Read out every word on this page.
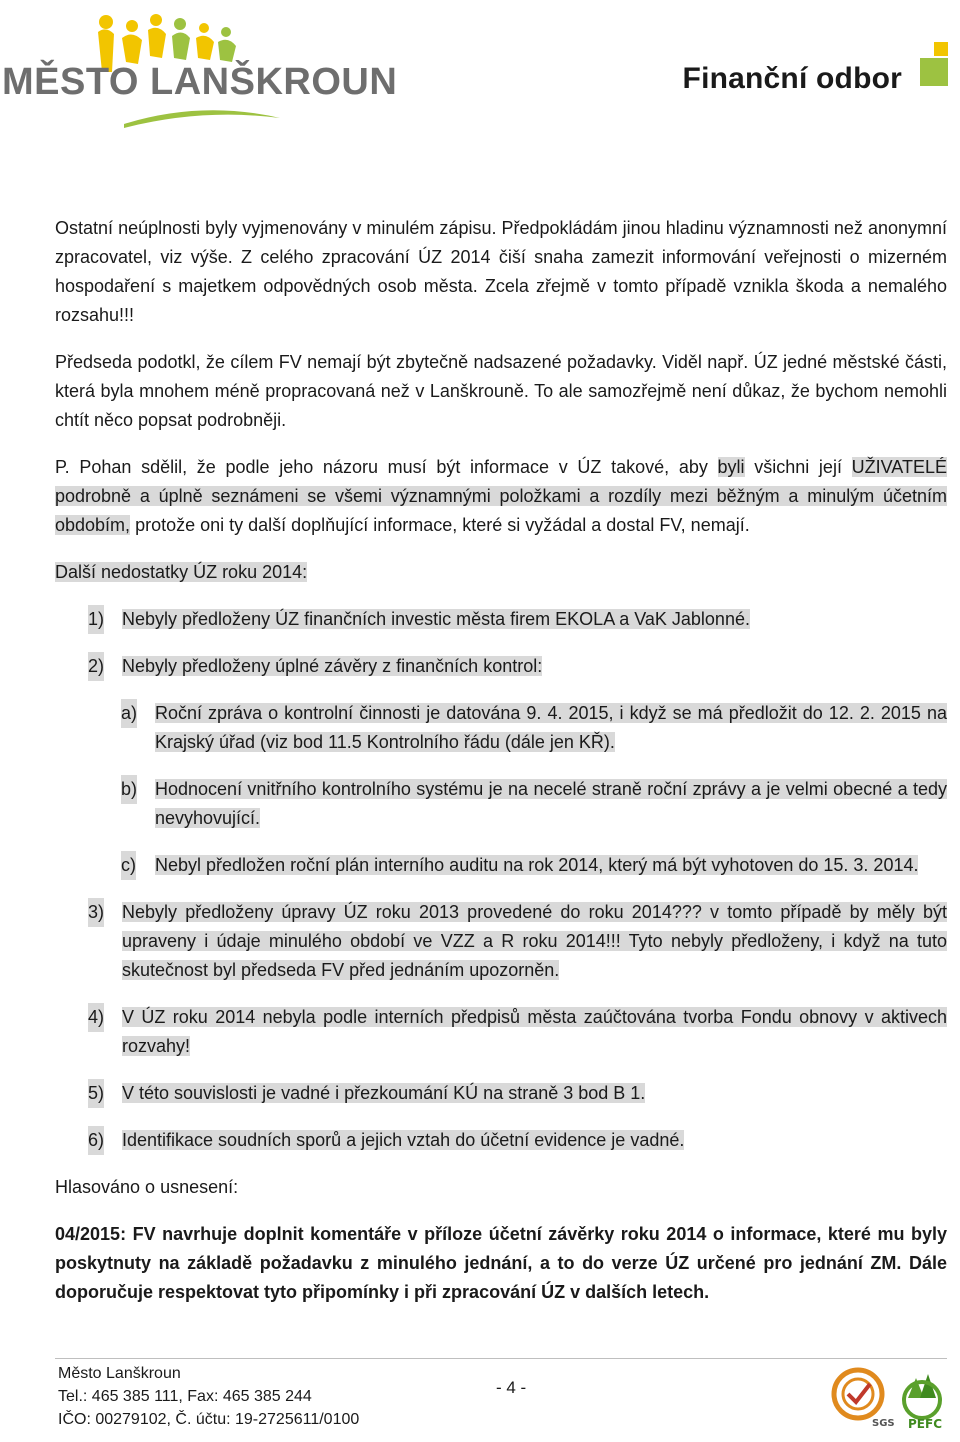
MĚSTO LANŠKROUN	Finanční odbor

Ostatní neúplnosti byly vyjmenovány v minulém zápisu. Předpokládám jinou hladinu významnosti než anonymní zpracovatel, viz výše. Z celého zpracování ÚZ 2014 čiší snaha zamezit informování veřejnosti o mizerném hospodaření s majetkem odpovědných osob města. Zcela zřejmě v tomto případě vznikla škoda a nemalého rozsahu!!!

Předseda podotkl, že cílem FV nemají být zbytečně nadsazené požadavky. Viděl např. ÚZ jedné městské části, která byla mnohem méně propracovaná než v Lanškrouně. To ale samozřejmě není důkaz, že bychom nemohli chtít něco popsat podrobněji.

P. Pohan sdělil, že podle jeho názoru musí být informace v ÚZ takové, aby byli všichni její UŽIVATELÉ podrobně a úplně seznámeni se všemi významnými položkami a rozdíly mezi běžným a minulým účetním obdobím, protože oni ty další doplňující informace, které si vyžádal a dostal FV, nemají.

Další nedostatky ÚZ roku 2014:

1) Nebyly předloženy ÚZ finančních investic města firem EKOLA a VaK Jablonné.

2) Nebyly předloženy úplné závěry z finančních kontrol:

a) Roční zpráva o kontrolní činnosti je datována 9. 4. 2015, i když se má předložit do 12. 2. 2015 na Krajský úřad (viz bod 11.5 Kontrolního řádu (dále jen KŘ).

b) Hodnocení vnitřního kontrolního systému je na necelé straně roční zprávy a je velmi obecné a tedy nevyhovující.

c) Nebyl předložen roční plán interního auditu na rok 2014, který má být vyhotoven do 15. 3. 2014.

3) Nebyly předloženy úpravy ÚZ roku 2013 provedené do roku 2014??? v tomto případě by měly být upraveny i údaje minulého období ve VZZ a R roku 2014!!! Tyto nebyly předloženy, i když na tuto skutečnost byl předseda FV před jednáním upozorněn.

4) V ÚZ roku 2014 nebyla podle interních předpisů města zaúčtována tvorba Fondu obnovy v aktivech rozvahy!

5) V této souvislosti je vadné i přezkoumání KÚ na straně 3 bod B 1.

6) Identifikace soudních sporů a jejich vztah do účetní evidence je vadné.

Hlasováno o usnesení:

04/2015: FV navrhuje doplnit komentáře v příloze účetní závěrky roku 2014 o informace, které mu byly poskytnuty na základě požadavku z minulého jednání, a to do verze ÚZ určené pro jednání ZM. Dále doporučuje respektovat tyto připomínky i při zpracování ÚZ v dalších letech.

Město Lanškroun
Tel.: 465 385 111, Fax: 465 385 244
IČO: 00279102, Č. účtu: 19-2725611/0100
- 4 -
SGS PEFC
